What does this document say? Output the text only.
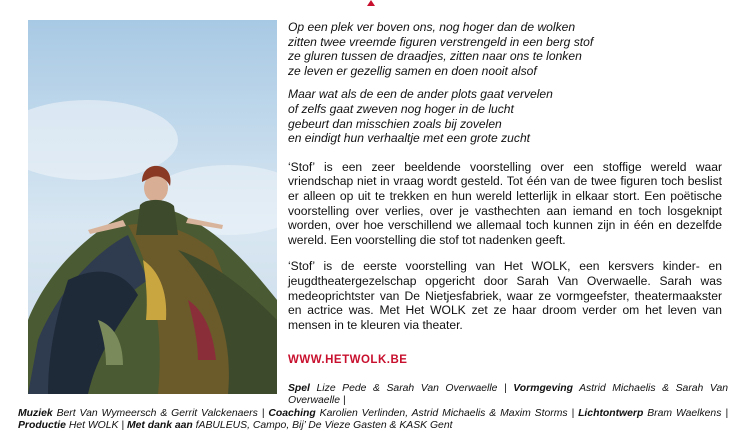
Op een plek ver boven ons, nog hoger dan de wolken
zitten twee vreemde figuren verstrengeld in een berg stof
ze gluren tussen de draadjes, zitten naar ons te lonken
ze leven er gezellig samen en doen nooit alsof
Maar wat als de een de ander plots gaat vervelen
of zelfs gaat zweven nog hoger in de lucht
gebeurt dan misschien zoals bij zovelen
en eindigt hun verhaaltje met een grote zucht

‘Stof’ is een zeer beeldende voorstelling over een stoffige wereld waar vriendschap niet in vraag wordt gesteld. Tot één van de twee figuren toch beslist er alleen op uit te trekken en hun wereld letterlijk in elkaar stort. Een poëtische voorstelling over verlies, over je vasthechten aan iemand en toch losgeknipt worden, over hoe verschillend we allemaal toch kunnen zijn in één en dezelfde wereld. Een voorstelling die stof tot nadenken geeft.

‘Stof’ is de eerste voorstelling van Het WOLK, een kersvers kinder- en jeugdtheatergezelschap opgericht door Sarah Van Overwaelle. Sarah was medeoprichtster van De Nietjesfabriek, waar ze vormgeefster, theatermaakster en actrice was. Met Het WOLK zet ze haar droom verder om het leven van mensen in te kleuren via theater.

WWW.HETWOLK.BE
Spel Lize Pede & Sarah Van Overwaelle | Vormgeving Astrid Michaelis & Sarah Van Overwaelle |
Muziek Bert Van Wymeersch & Gerrit Valckenaers | Coaching Karolien Verlinden, Astrid Michaelis & Maxim Storms | Lichtontwerp Bram Waelkens | Productie Het WOLK | Met dank aan fABULEUS, Campo, Bij’ De Vieze Gasten & KASK Gent
